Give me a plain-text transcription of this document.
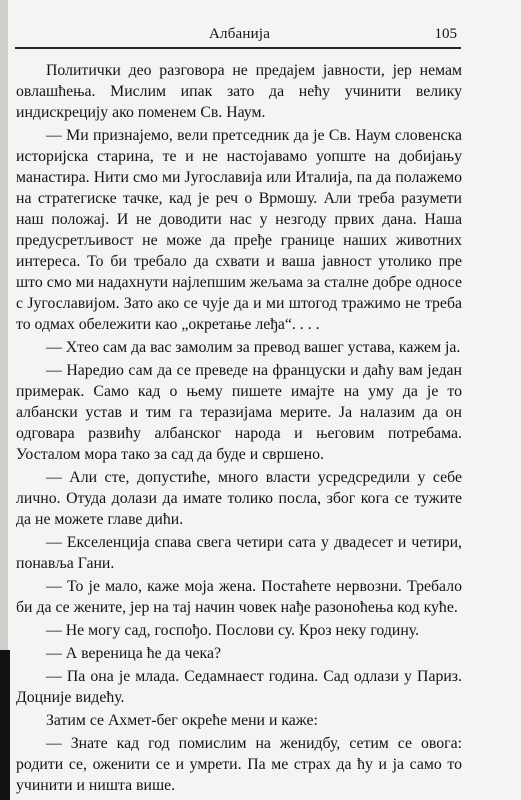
Албанија	105

Политички део разговора не предајем јавности, јер немам овлашћења. Мислим ипак зато да нећу учинити велику индискрецију ако поменем Св. Наум.

— Ми признајемо, вели претседник да је Св. Наум словенска историјска старина, те и не настојавамо уопште на добијању манастира. Нити смо ми Југославија или Италија, па да полажемо на стратегиске тачке, кад је реч о Врмошу. Али треба разумети наш положај. И не доводити нас у незгоду првих дана. Наша предусретљивост не може да пређе границе наших животних интереса. То би требало да схвати и ваша јавност утолико пре што смо ми надахнути најлепшим жељама за сталне добре односе с Југославијом. Зато ако се чује да и ми штогод тражимо не треба то одмах обележити као „окретање леђа“. . . .

— Хтео сам да вас замолим за превод вашег устава, кажем ја.

— Наредио сам да се преведе на француски и даћу вам један примерак. Само кад о њему пишете имајте на уму да је то албански устав и тим га теразијама мерите. Ја налазим да он одговара развићу албанског народа и његовим потребама. Уосталом мора тако за сад да буде и свршено.

— Али сте, допустиће, много власти усредсредили у себе лично. Отуда долази да имате толико посла, због кога се тужите да не можете главе дићи.

— Екселенција спава свега четири сата у двадесет и четири, понавља Гани.

— То је мало, каже моја жена. Постаћете нервозни. Требало би да се жените, јер на тај начин човек нађе разоноћења код куће.

— Не могу сад, госпођо. Послови су. Кроз неку годину.

— А вереница ће да чека?

— Па она је млада. Седамнаест година. Сад одлази у Париз. Доцније видећу.

Затим се Ахмет-бег окреће мени и каже:

— Знате кад год помислим на женидбу, сетим се овога: родити се, оженити се и умрети. Па ме страх да ћу и ја само то учинити и ништа више.
